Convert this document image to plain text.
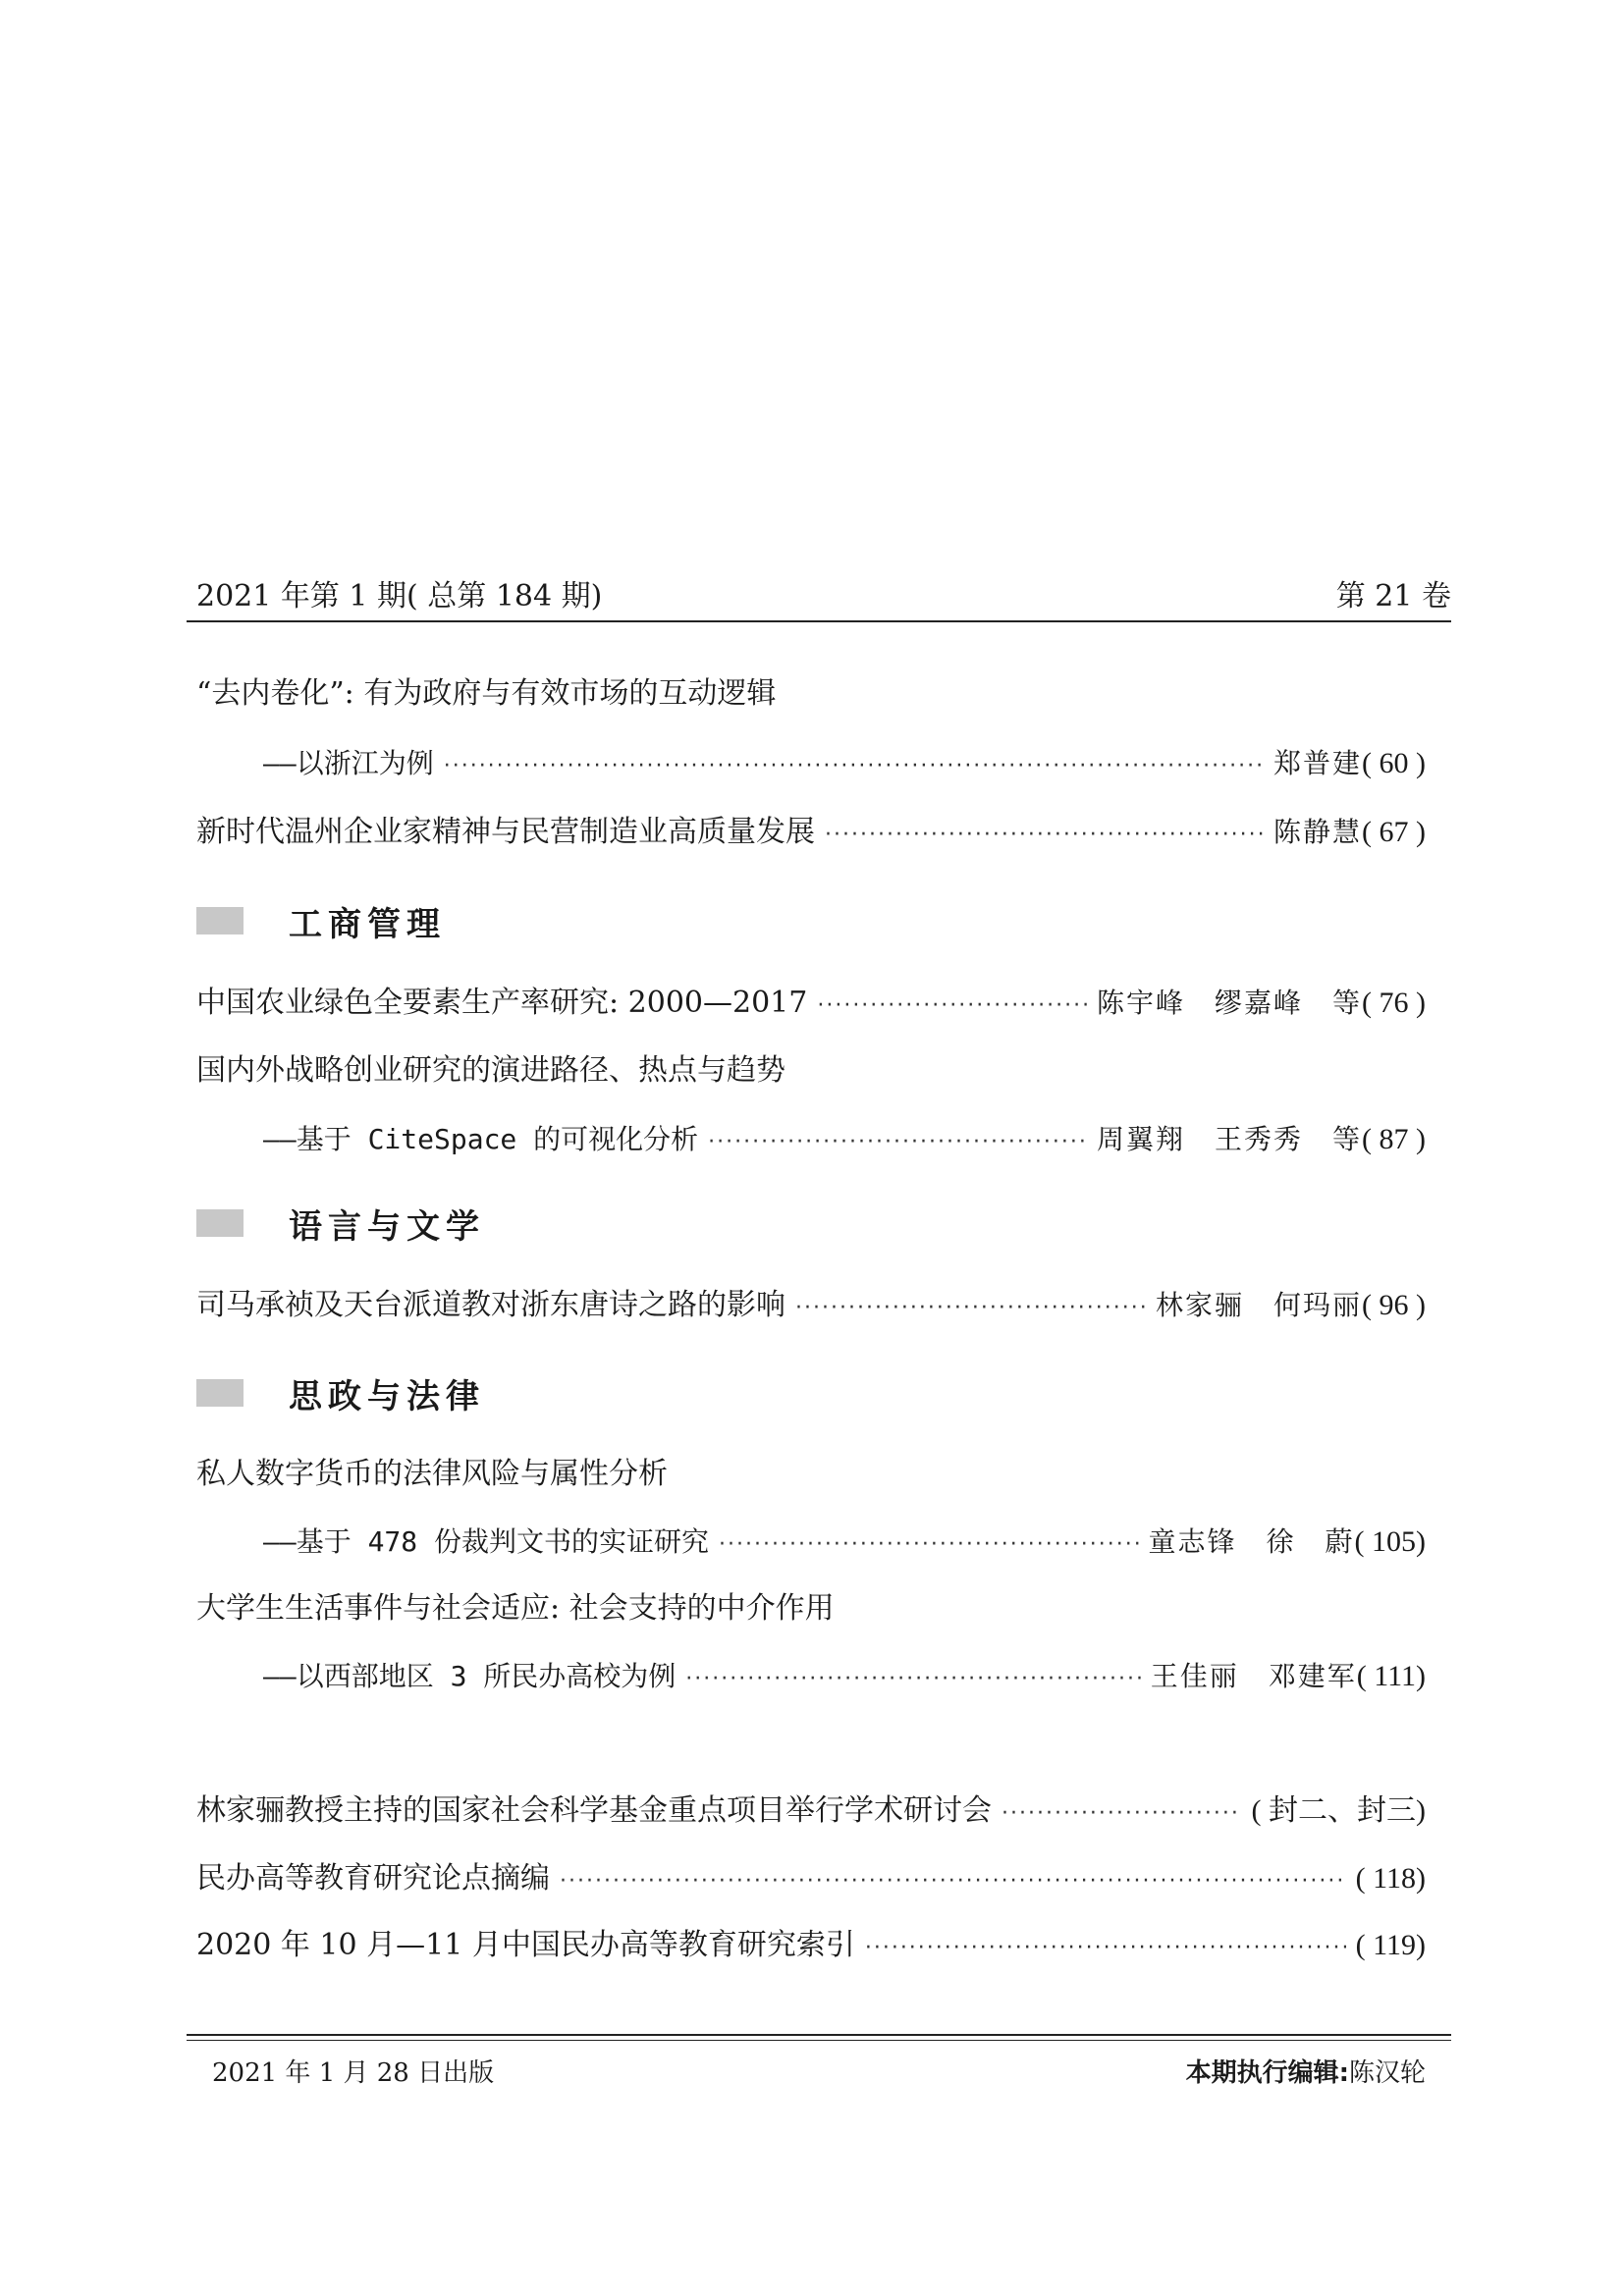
2021 年第 1 期( 总第 184 期)	第 21 卷
“去内卷化”: 有为政府与有效市场的互动逻辑
——以浙江为例 ·····	郑普建 ( 60 )
新时代温州企业家精神与民营制造业高质量发展 ·····	陈静慧 ( 67 )
工商管理
中国农业绿色全要素生产率研究: 2000—2017 ·····	陈宇峰　缪嘉峰　等 ( 76 )
国内外战略创业研究的演进路径、热点与趋势
——基于 CiteSpace 的可视化分析 ·····	周翼翔　王秀秀　等 ( 87 )
语言与文学
司马承祯及天台派道教对浙东唐诗之路的影响 ·····	林家骊　何玛丽 ( 96 )
思政与法律
私人数字货币的法律风险与属性分析
——基于 478 份裁判文书的实证研究 ·····	童志锋　徐　蔚 ( 105)
大学生生活事件与社会适应: 社会支持的中介作用
——以西部地区 3 所民办高校为例 ·····	王佳丽　邓建军 ( 111)
林家骊教授主持的国家社会科学基金重点项目举行学术研讨会 ·····	( 封二、封三)
民办高等教育研究论点摘编 ·····	( 118)
2020 年 10 月—11 月中国民办高等教育研究索引 ·····	( 119)
2021 年 1 月 28 日出版	本期执行编辑:陈汉轮
